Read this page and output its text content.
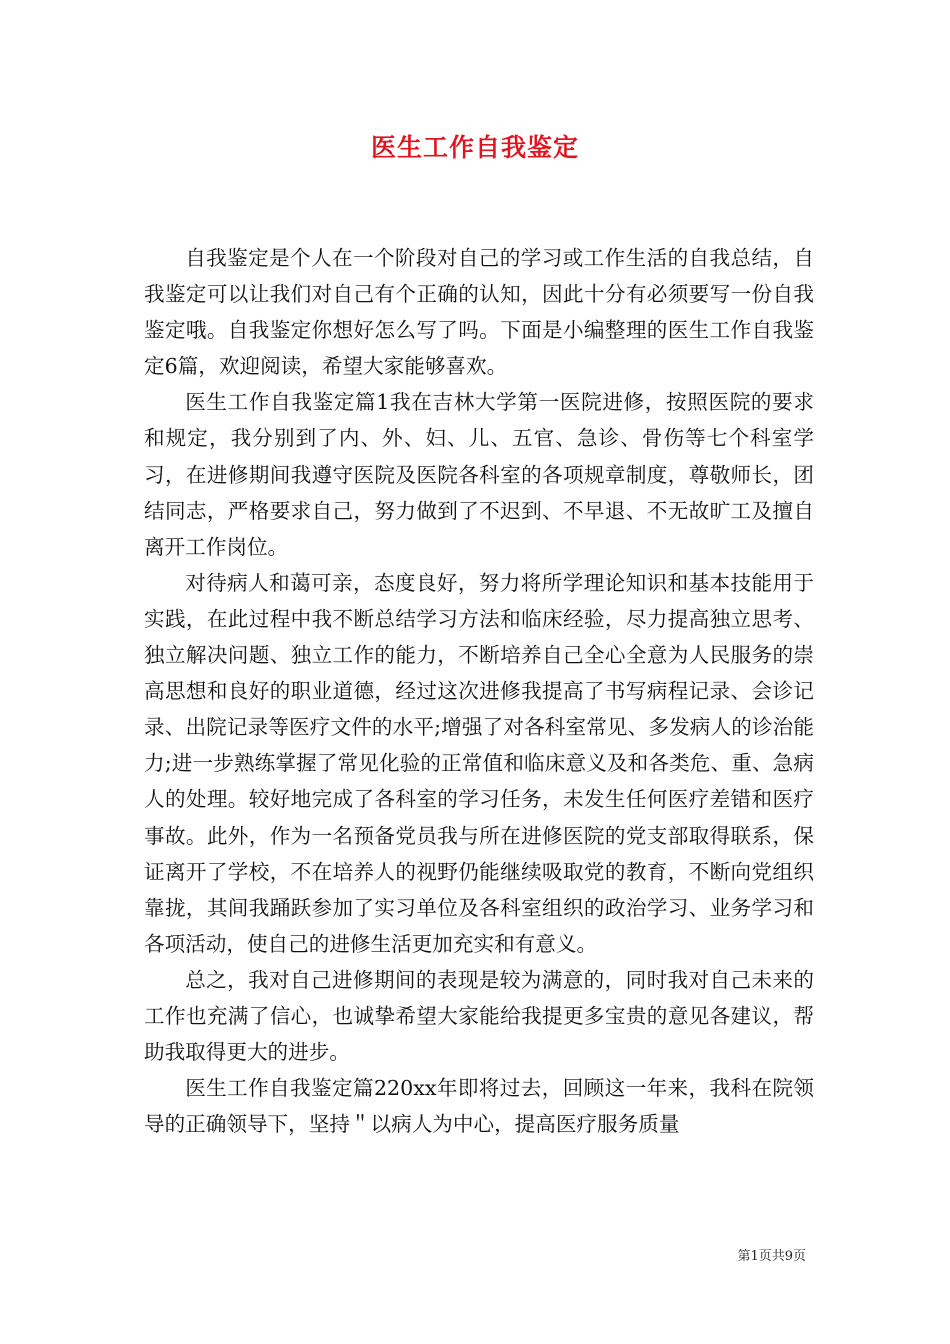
医生工作自我鉴定

自我鉴定是个人在一个阶段对自己的学习或工作生活的自我总结，自我鉴定可以让我们对自己有个正确的认知，因此十分有必须要写一份自我鉴定哦。自我鉴定你想好怎么写了吗。下面是小编整理的医生工作自我鉴定6篇，欢迎阅读，希望大家能够喜欢。

医生工作自我鉴定篇1我在吉林大学第一医院进修，按照医院的要求和规定，我分别到了内、外、妇、儿、五官、急诊、骨伤等七个科室学习，在进修期间我遵守医院及医院各科室的各项规章制度，尊敬师长，团结同志，严格要求自己，努力做到了不迟到、不早退、不无故旷工及擅自离开工作岗位。

对待病人和蔼可亲，态度良好，努力将所学理论知识和基本技能用于实践，在此过程中我不断总结学习方法和临床经验，尽力提高独立思考、独立解决问题、独立工作的能力，不断培养自己全心全意为人民服务的崇高思想和良好的职业道德，经过这次进修我提高了书写病程记录、会诊记录、出院记录等医疗文件的水平;增强了对各科室常见、多发病人的诊治能力;进一步熟练掌握了常见化验的正常值和临床意义及和各类危、重、急病人的处理。较好地完成了各科室的学习任务，未发生任何医疗差错和医疗事故。此外，作为一名预备党员我与所在进修医院的党支部取得联系，保证离开了学校，不在培养人的视野仍能继续吸取党的教育，不断向党组织靠拢，其间我踊跃参加了实习单位及各科室组织的政治学习、业务学习和各项活动，使自己的进修生活更加充实和有意义。

总之，我对自己进修期间的表现是较为满意的，同时我对自己未来的工作也充满了信心，也诚挚希望大家能给我提更多宝贵的意见各建议，帮助我取得更大的进步。

医生工作自我鉴定篇220xx年即将过去，回顾这一年来，我科在院领导的正确领导下，坚持＂以病人为中心，提高医疗服务质量

第1页共9页
